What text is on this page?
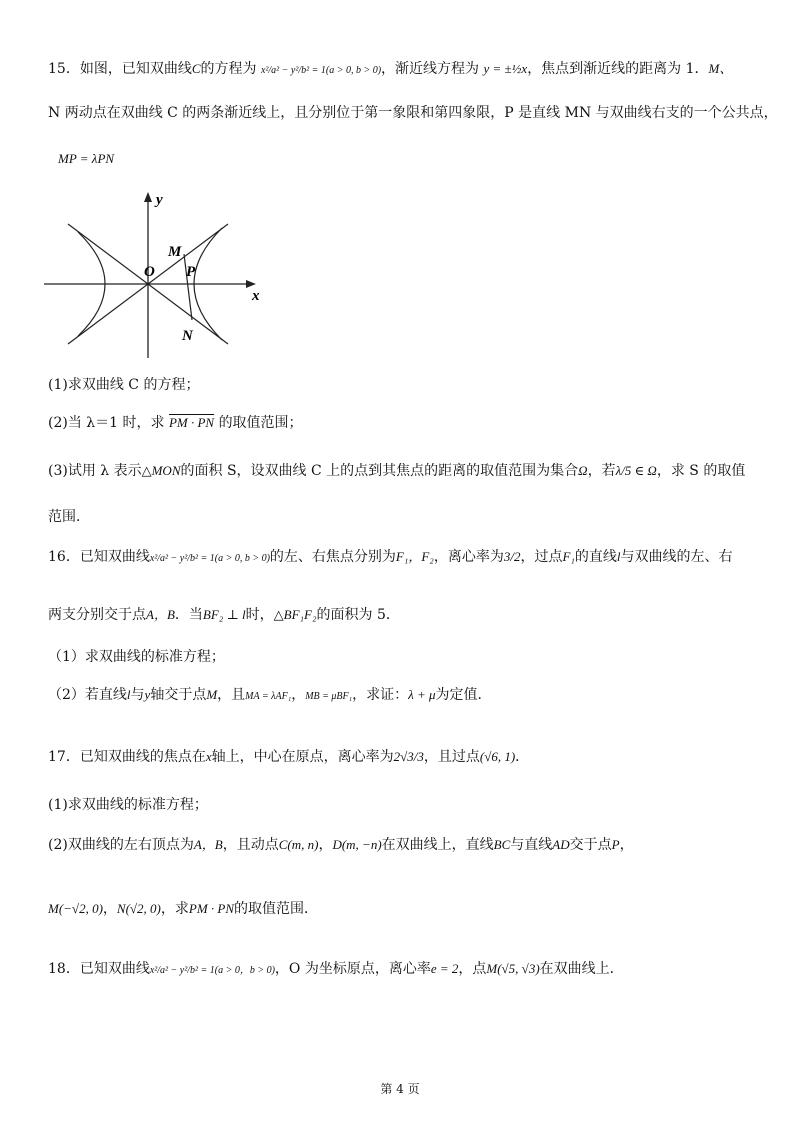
15．如图，已知双曲线C的方程为 x²/a² − y²/b² = 1(a > 0, b > 0)，渐近线方程为 y = ±½x，焦点到渐近线的距离为 1．M、
N 两动点在双曲线 C 的两条渐近线上，且分别位于第一象限和第四象限，P 是直线 MN 与双曲线右支的一个公共点，
MP = λPN
y
x
O
M
P
N
(1)求双曲线 C 的方程；
(2)当 λ＝1 时，求 PM · PN 的取值范围；
(3)试用 λ 表示△MON的面积 S，设双曲线 C 上的点到其焦点的距离的取值范围为集合Ω，若λ/5 ∈ Ω，求 S 的取值
范围．
16．已知双曲线x²/a² − y²/b² = 1(a > 0, b > 0)的左、右焦点分别为F₁，F₂，离心率为3/2，过点F₁的直线l与双曲线的左、右
两支分别交于点A，B．当BF₂ ⊥ l时，△BF₁F₂的面积为 5．
（1）求双曲线的标准方程；
（2）若直线l与y轴交于点M，且MA = λAF₁，MB = μBF₁，求证：λ + μ为定值．
17．已知双曲线的焦点在x轴上，中心在原点，离心率为2√3/3，且过点(√6, 1)．
(1)求双曲线的标准方程；
(2)双曲线的左右顶点为A，B，且动点C(m, n)，D(m, −n)在双曲线上，直线BC与直线AD交于点P，
M(−√2, 0)，N(√2, 0)，求PM · PN的取值范围．
18．已知双曲线x²/a² − y²/b² = 1(a > 0，b > 0)，O 为坐标原点，离心率e = 2，点M(√5, √3)在双曲线上．
第 4 页
